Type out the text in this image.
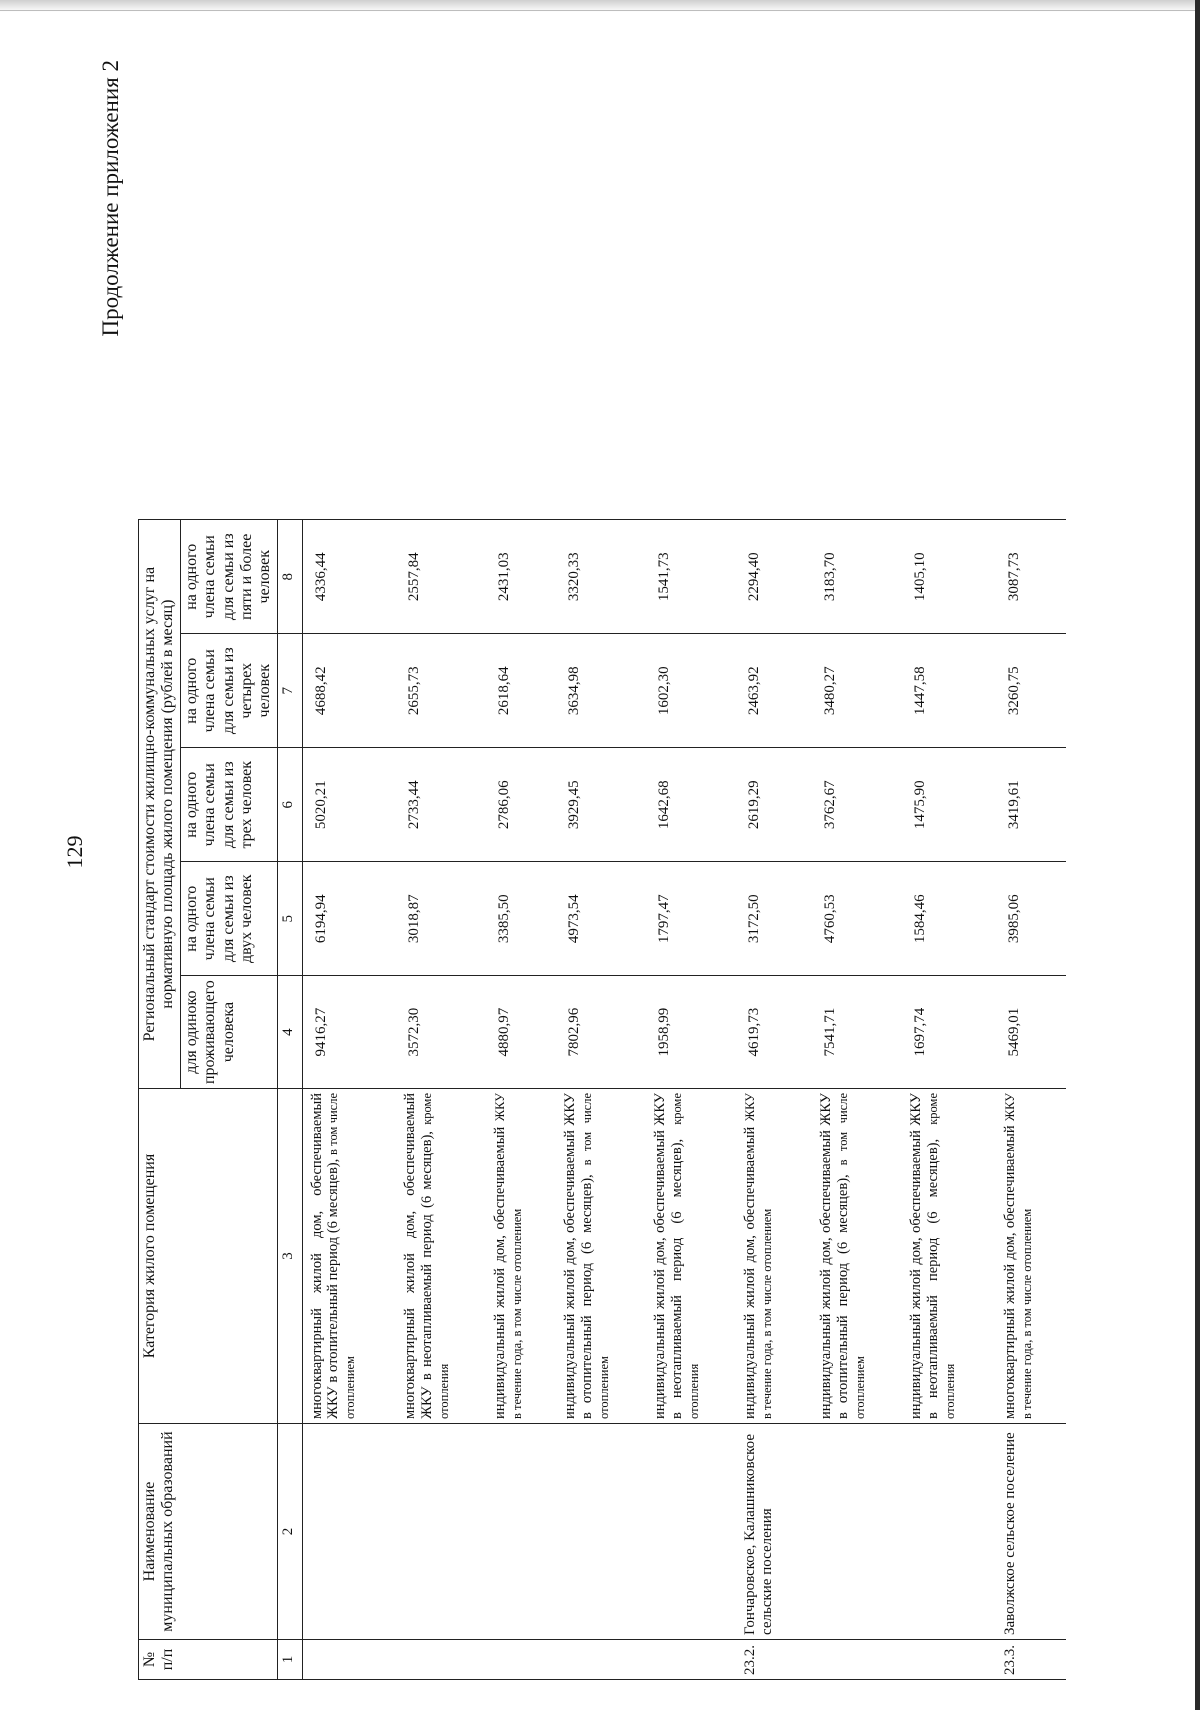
129
Продолжение приложения 2
№ п/п	Наименование муниципальных образований	Категория жилого помещения	Региональный стандарт стоимости жилищно-коммунальных услуг на нормативную площадь жилого помещения (рублей в месяц)				
			для одиноко проживающего человека	на одного члена семьи для семьи из двух человек	на одного члена семьи для семьи из трех человек	на одного члена семьи для семьи из четырех человек	на одного члена семьи для семьи из пяти и более человек
1	2	3	4	5	6	7	8
		многоквартирный жилой дом, обеспечиваемый ЖКУ в отопительный период (6 месяцев), в том числе отоплением	9416,27	6194,94	5020,21	4688,42	4336,44
		многоквартирный жилой дом, обеспечиваемый ЖКУ в неотапливаемый период (6 месяцев), кроме отопления	3572,30	3018,87	2733,44	2655,73	2557,84
		индивидуальный жилой дом, обеспечиваемый ЖКУ в течение года, в том числе отоплением	4880,97	3385,50	2786,06	2618,64	2431,03
		индивидуальный жилой дом, обеспечиваемый ЖКУ в отопительный период (6 месяцев), в том числе отоплением	7802,96	4973,54	3929,45	3634,98	3320,33
		индивидуальный жилой дом, обеспечиваемый ЖКУ в неотапливаемый период (6 месяцев), кроме отопления	1958,99	1797,47	1642,68	1602,30	1541,73
23.2.	Гончаровское, Калашниковское сельские поселения	индивидуальный жилой дом, обеспечиваемый ЖКУ в течение года, в том числе отоплением	4619,73	3172,50	2619,29	2463,92	2294,40
		индивидуальный жилой дом, обеспечиваемый ЖКУ в отопительный период (6 месяцев), в том числе отоплением	7541,71	4760,53	3762,67	3480,27	3183,70
		индивидуальный жилой дом, обеспечиваемый ЖКУ в неотапливаемый период (6 месяцев), кроме отопления	1697,74	1584,46	1475,90	1447,58	1405,10
23.3.	Заволжское сельское поселение	многоквартирный жилой дом, обеспечиваемый ЖКУ в течение года, в том числе отоплением	5469,01	3985,06	3419,61	3260,75	3087,73
